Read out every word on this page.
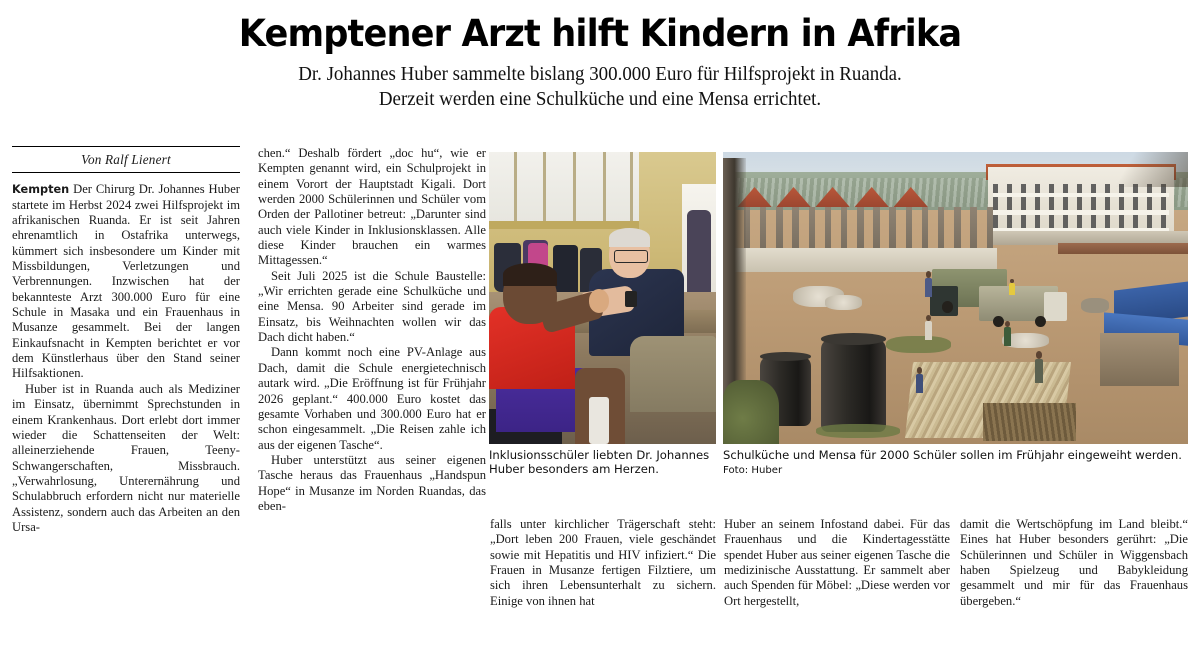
Kemptener Arzt hilft Kindern in Afrika
Dr. Johannes Huber sammelte bislang 300.000 Euro für Hilfsprojekt in Ruanda.
Derzeit werden eine Schulküche und eine Mensa errichtet.
Von Ralf Lienert

Kempten Der Chirurg Dr. Johannes Huber startete im Herbst 2024 zwei Hilfsprojekt im afrikanischen Ruanda. Er ist seit Jahren ehrenamtlich in Ostafrika unterwegs, kümmert sich insbesondere um Kinder mit Missbildungen, Verletzungen und Verbrennungen. Inzwischen hat der bekannteste Arzt 300.000 Euro für eine Schule in Masaka und ein Frauenhaus in Musanze gesammelt. Bei der langen Einkaufsnacht in Kempten berichtet er vor dem Künstlerhaus über den Stand seiner Hilfsaktionen.

Huber ist in Ruanda auch als Mediziner im Einsatz, übernimmt Sprechstunden in einem Krankenhaus. Dort erlebt dort immer wieder die Schattenseiten der Welt: alleinerziehende Frauen, Teeny-Schwangerschaften, Missbrauch. „Verwahrlosung, Unterernährung und Schulabbruch erfordern nicht nur materielle Assistenz, sondern auch das Arbeiten an den Ursa-

chen.“ Deshalb fördert „doc hu“, wie er Kempten genannt wird, ein Schulprojekt in einem Vorort der Hauptstadt Kigali. Dort werden 2000 Schülerinnen und Schüler vom Orden der Pallotiner betreut: „Darunter sind auch viele Kinder in Inklusionsklassen. Alle diese Kinder brauchen ein warmes Mittagessen.“

Seit Juli 2025 ist die Schule Baustelle: „Wir errichten gerade eine Schulküche und eine Mensa. 90 Arbeiter sind gerade im Einsatz, bis Weihnachten wollen wir das Dach dicht haben.“

Dann kommt noch eine PV-Anlage aus Dach, damit die Schule energietechnisch autark wird. „Die Eröffnung ist für Frühjahr 2026 geplant.“ 400.000 Euro kostet das gesamte Vorhaben und 300.000 Euro hat er schon eingesammelt. „Die Reisen zahle ich aus der eigenen Tasche“.

Huber unterstützt aus seiner eigenen Tasche heraus das Frauenhaus „Handspun Hope“ in Musanze im Norden Ruandas, das eben-

Inklusionsschüler liebten Dr. Johannes Huber besonders am Herzen.
Schulküche und Mensa für 2000 Schüler sollen im Frühjahr eingeweiht werden. Foto: Huber

falls unter kirchlicher Trägerschaft steht: „Dort leben 200 Frauen, viele geschändet sowie mit Hepatitis und HIV infiziert.“ Die Frauen in Musanze fertigen Filztiere, um sich ihren Lebensunterhalt zu sichern. Einige von ihnen hat

Huber an seinem Infostand dabei. Für das Frauenhaus und die Kindertagesstätte spendet Huber aus seiner eigenen Tasche die medizinische Ausstattung. Er sammelt aber auch Spenden für Möbel: „Diese werden vor Ort hergestellt,

damit die Wertschöpfung im Land bleibt.“ Eines hat Huber besonders gerührt: „Die Schülerinnen und Schüler in Wiggensbach haben Spielzeug und Babykleidung gesammelt und mir für das Frauenhaus übergeben.“
